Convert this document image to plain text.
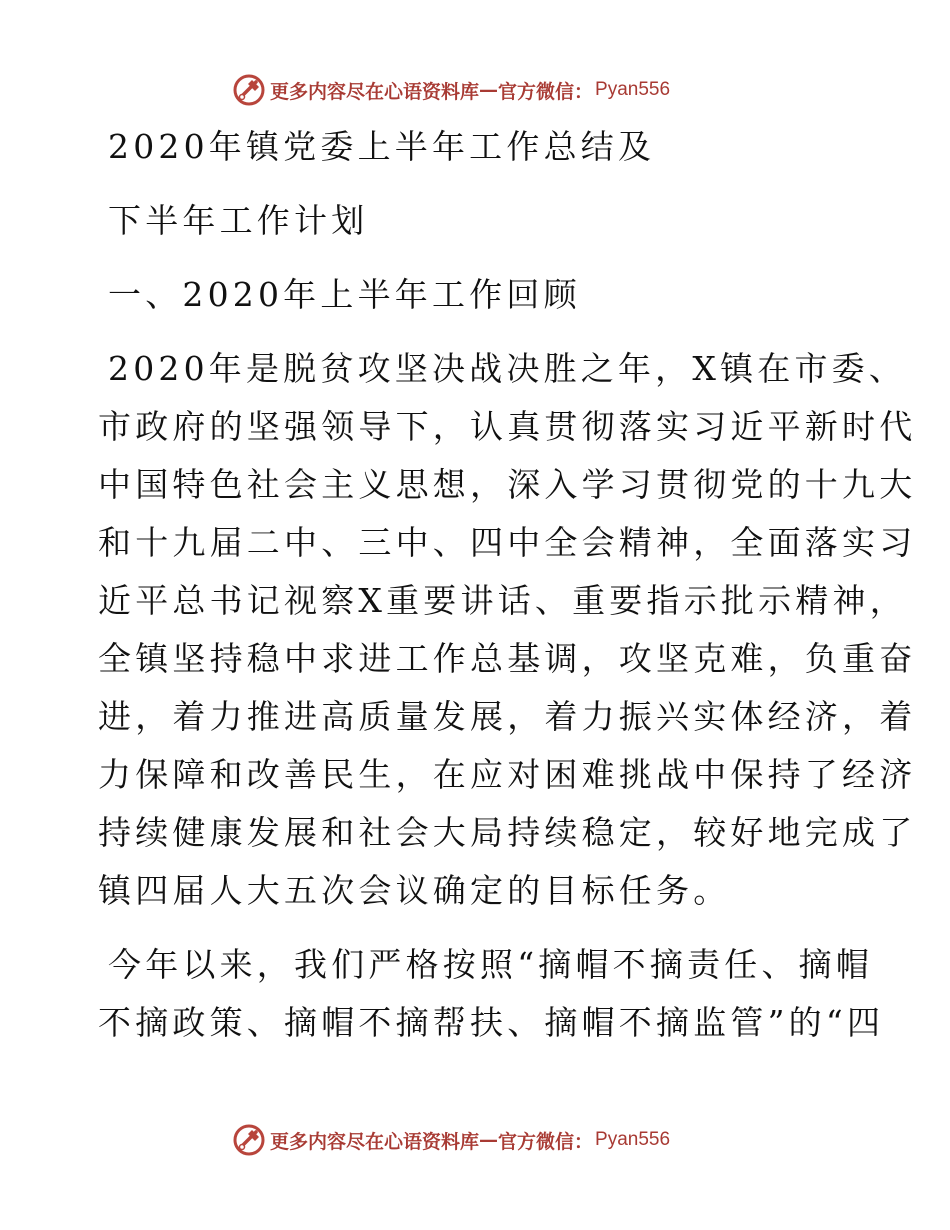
更多内容尽在心语资料库 — 官方微信： Pyan556

2020年镇党委上半年工作总结及

下半年工作计划

一、2020年上半年工作回顾

2020年是脱贫攻坚决战决胜之年，X镇在市委、

市政府的坚强领导下，认真贯彻落实习近平新时代

中国特色社会主义思想，深入学习贯彻党的十九大

和十九届二中、三中、四中全会精神，全面落实习

近平总书记视察X重要讲话、重要指示批示精神，

全镇坚持稳中求进工作总基调，攻坚克难，负重奋

进，着力推进高质量发展，着力振兴实体经济，着

力保障和改善民生，在应对困难挑战中保持了经济

持续健康发展和社会大局持续稳定，较好地完成了

镇四届人大五次会议确定的目标任务。

今年以来，我们严格按照“摘帽不摘责任、摘帽

不摘政策、摘帽不摘帮扶、摘帽不摘监管”的“四

更多内容尽在心语资料库 — 官方微信： Pyan556
